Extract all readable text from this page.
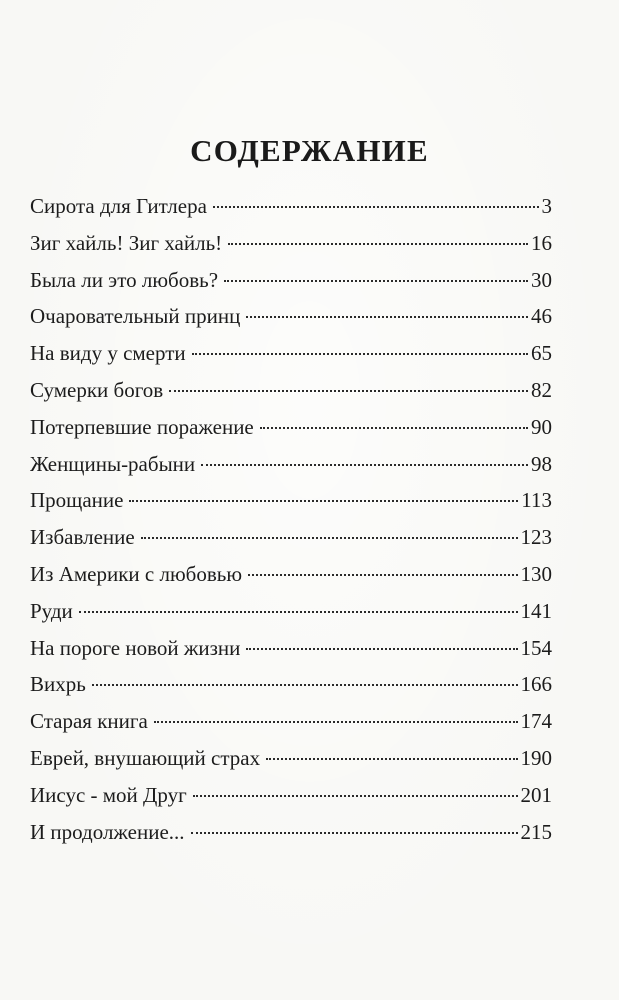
СОДЕРЖАНИЕ
Сирота для Гитлера	3
Зиг хайль! Зиг хайль!	16
Была ли это любовь?	30
Очаровательный принц	46
На виду у смерти	65
Сумерки богов	82
Потерпевшие поражение	90
Женщины-рабыни	98
Прощание	113
Избавление	123
Из Америки с любовью	130
Руди	141
На пороге новой жизни	154
Вихрь	166
Старая книга	174
Еврей, внушающий страх	190
Иисус - мой Друг	201
И продолжение...	215
